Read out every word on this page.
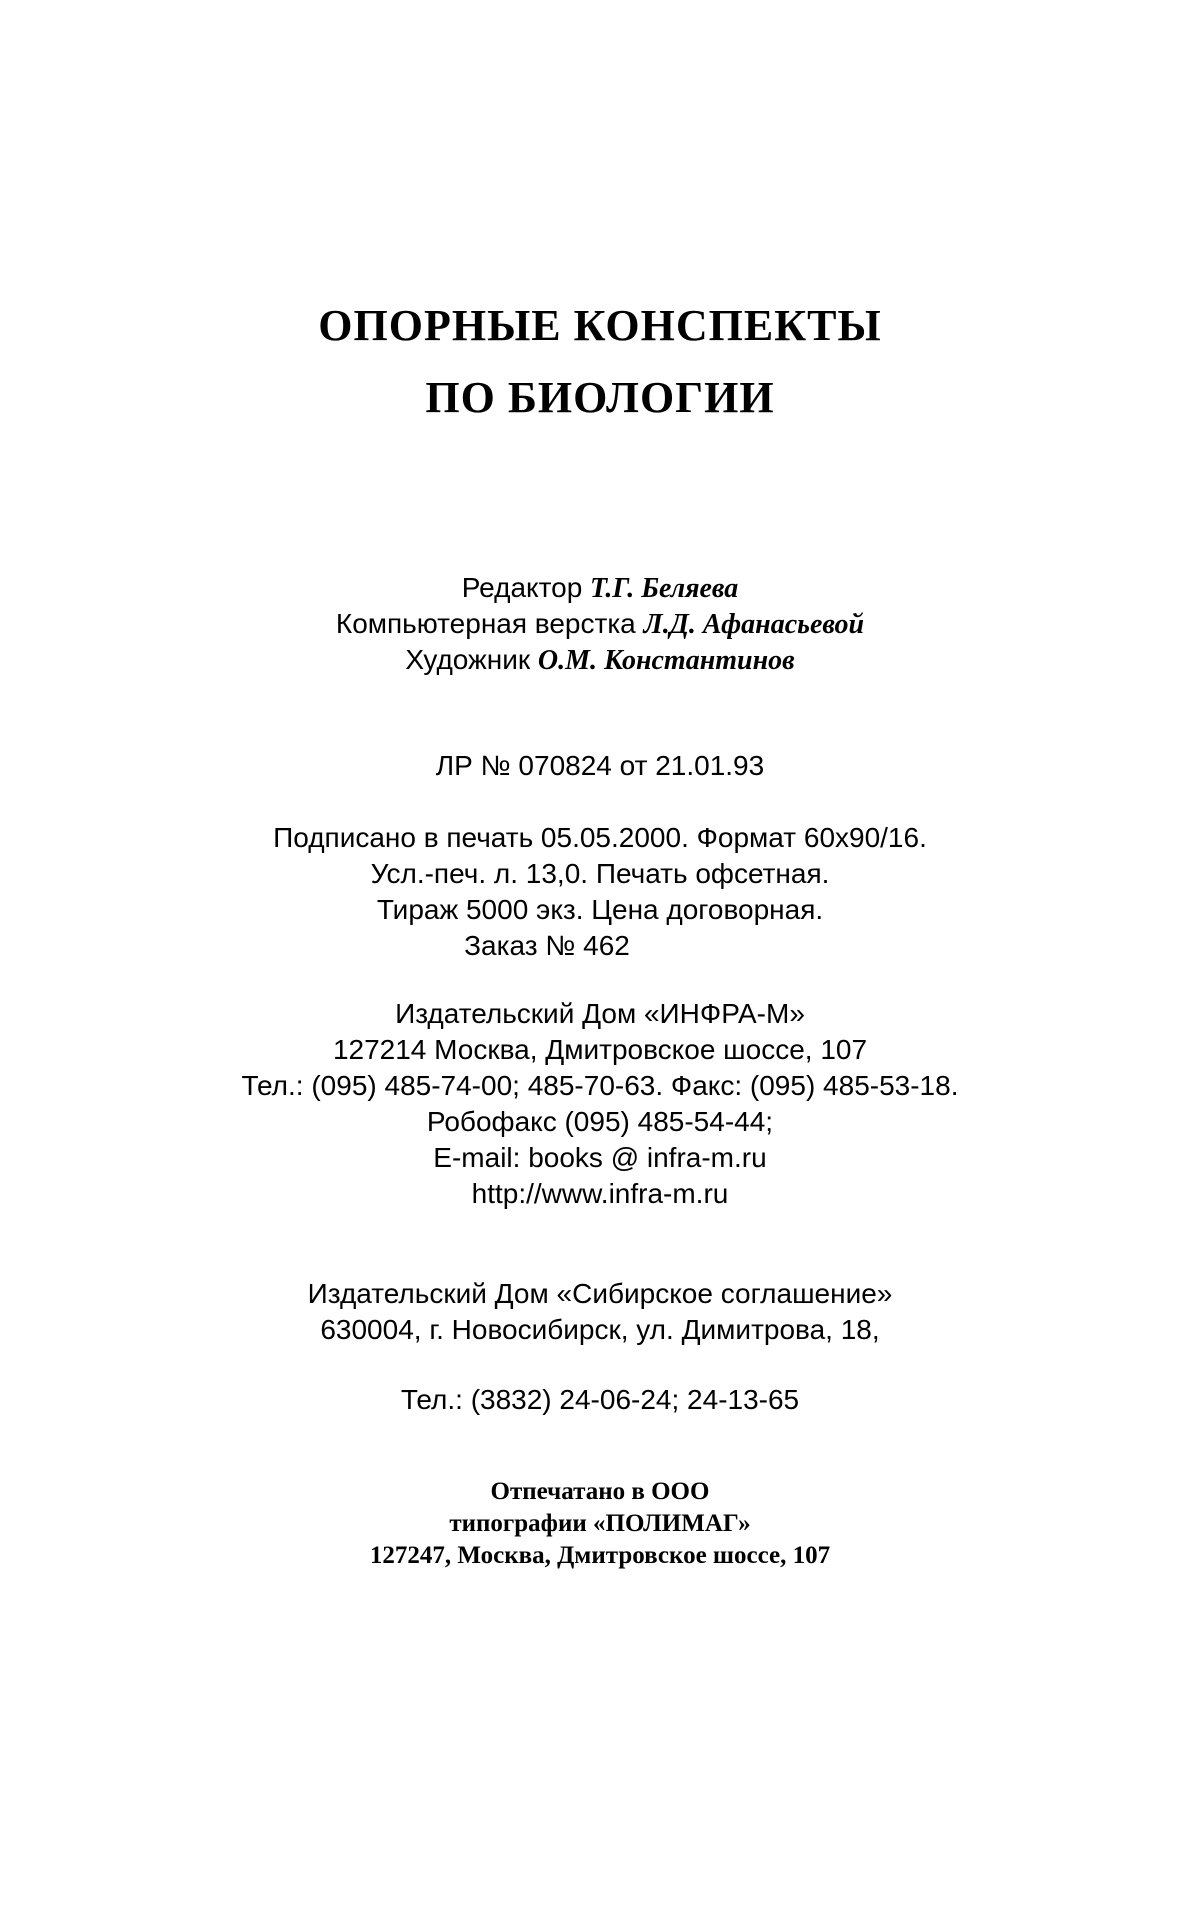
ОПОРНЫЕ КОНСПЕКТЫ
ПО БИОЛОГИИ
Редактор Т.Г. Беляева
Компьютерная верстка Л.Д. Афанасьевой
Художник О.М. Константинов
ЛР № 070824 от 21.01.93
Подписано в печать 05.05.2000. Формат 60х90/16.
Усл.-печ. л. 13,0. Печать офсетная.
Тираж 5000 экз. Цена договорная.
Заказ № 462
Издательский Дом «ИНФРА-М»
127214 Москва, Дмитровское шоссе, 107
Тел.: (095) 485-74-00; 485-70-63. Факс: (095) 485-53-18.
Робофакс (095) 485-54-44;
E-mail: books @ infra-m.ru
http://www.infra-m.ru
Издательский Дом «Сибирское соглашение»
630004, г. Новосибирск, ул. Димитрова, 18,
Тел.: (3832) 24-06-24; 24-13-65
Отпечатано в ООО
типографии «ПОЛИМАГ»
127247, Москва, Дмитровское шоссе, 107
